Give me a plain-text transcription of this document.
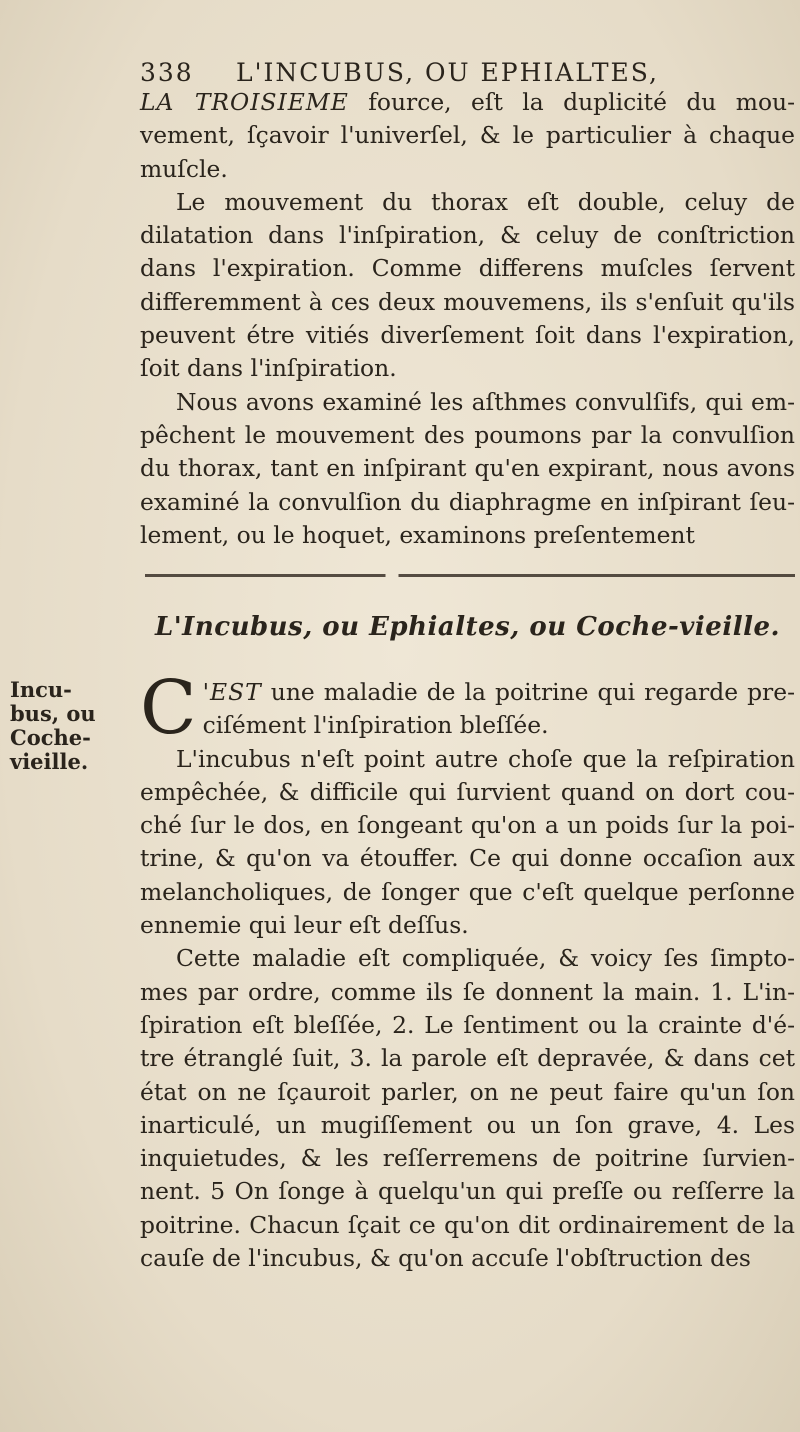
338 L'INCUBUS, OU EPHIALTES,

LA TROISIEME fource, eſt la duplicité du mou-vement, ſçavoir l'univerſel, & le particulier à chaque muſcle.

Le mouvement du thorax eſt double, celuy de dilatation dans l'inſpiration, & celuy de conſtriction dans l'expiration. Comme differens muſcles ſervent differemment à ces deux mouvemens, ils s'enſuit qu'ils peuvent étre vitiés diverſement ſoit dans l'expiration, ſoit dans l'inſpiration.

Nous avons examiné les aſthmes convulſifs, qui em-pêchent le mouvement des poumons par la convulſion du thorax, tant en inſpirant qu'en expirant, nous avons examiné la convulſion du diaphragme en inſpirant ſeu-lement, ou le hoquet, examinons preſentement

L'Incubus, ou Ephialtes, ou Coche-vieille.
Incu-
bus, ou
Coche-
vieille.

C 'EST une maladie de la poitrine qui regarde pre-ciſément l'inſpiration bleſſée.

L'incubus n'eſt point autre choſe que la reſpiration empêchée, & difficile qui ſurvient quand on dort cou-ché ſur le dos, en ſongeant qu'on a un poids ſur la poi-trine, & qu'on va étouffer. Ce qui donne occaſion aux melancholiques, de ſonger que c'eſt quelque perſonne ennemie qui leur eſt deſſus.

Cette maladie eſt compliquée, & voicy ſes ſimpto-mes par ordre, comme ils ſe donnent la main. 1. L'in-ſpiration eſt bleſſée, 2. Le ſentiment ou la crainte d'é-tre étranglé ſuit, 3. la parole eſt depravée, & dans cet état on ne ſçauroit parler, on ne peut faire qu'un ſon inarticulé, un mugiſſement ou un ſon grave, 4. Les inquietudes, & les reſſerremens de poitrine ſurvien-nent. 5 On ſonge à quelqu'un qui preſſe ou reſſerre la poitrine. Chacun ſçait ce qu'on dit ordinairement de la cauſe de l'incubus, & qu'on accuſe l'obſtruction des
